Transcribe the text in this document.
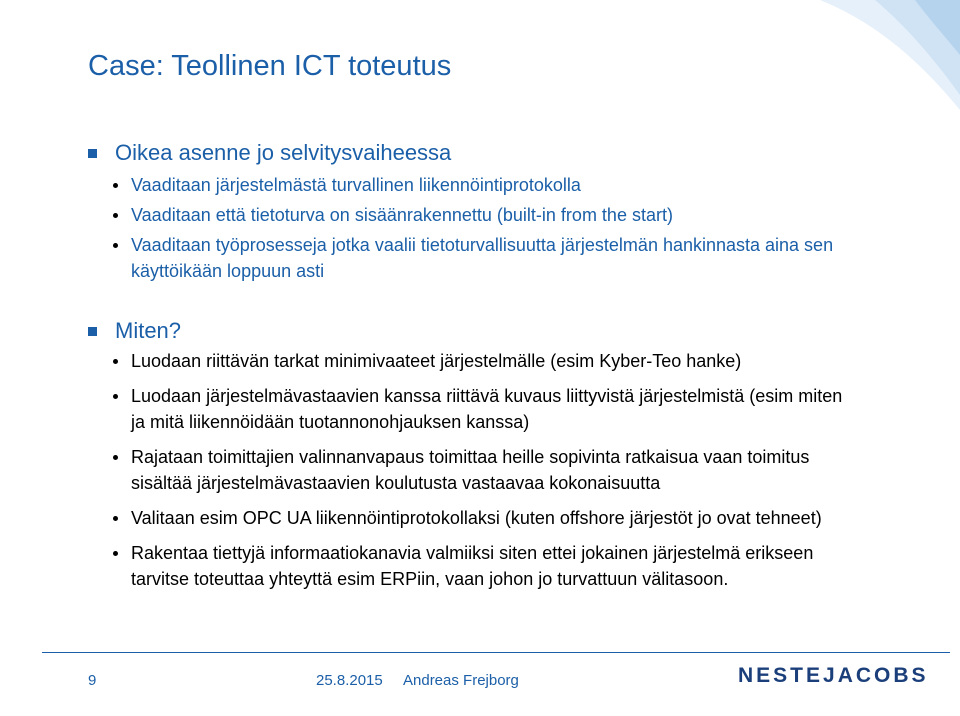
Case: Teollinen ICT toteutus
Oikea asenne jo selvitysvaiheessa
Vaaditaan järjestelmästä turvallinen liikennöintiprotokolla
Vaaditaan että tietoturva on sisäänrakennettu (built-in from the start)
Vaaditaan työprosesseja jotka vaalii tietoturvallisuutta järjestelmän hankinnasta aina sen käyttöikään loppuun asti
Miten?
Luodaan riittävän tarkat minimivaateet järjestelmälle (esim Kyber-Teo hanke)
Luodaan järjestelmävastaavien kanssa riittävä kuvaus liittyvistä järjestelmistä (esim miten ja mitä liikennöidään tuotannonohjauksen kanssa)
Rajataan toimittajien valinnanvapaus toimittaa heille sopivinta ratkaisua vaan toimitus sisältää järjestelmävastaavien koulutusta vastaavaa kokonaisuutta
Valitaan esim OPC UA liikennöintiprotokollaksi (kuten offshore järjestöt jo ovat tehneet)
Rakentaa tiettyjä informaatiokanavia valmiiksi siten ettei jokainen järjestelmä erikseen tarvitse toteuttaa yhteyttä esim ERPiin, vaan johon jo turvattuun välitasoon.
9	25.8.2015 Andreas Frejborg	NESTEJACOBS
